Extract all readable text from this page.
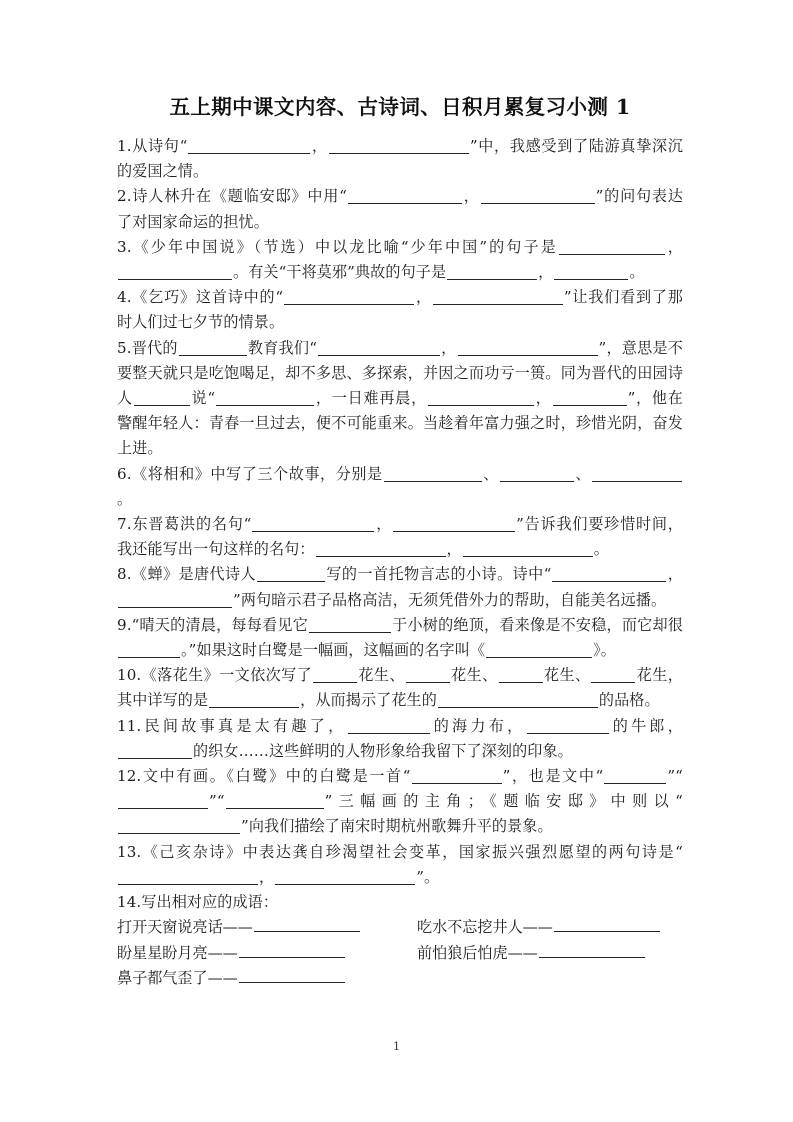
五上期中课文内容、古诗词、日积月累复习小测 1

1.从诗句“	，	”中，我感受到了陆游真挚深沉的爱国之情。

2.诗人林升在《题临安邸》中用“	，	”的问句表达了对国家命运的担忧。

3.《少年中国说》（节选）中以龙比喻“少年中国”的句子是	，。有关“干将莫邪”典故的句子是	，	。

4.《乞巧》这首诗中的“	，	”让我们看到了那时人们过七夕节的情景。

5.晋代的	教育我们“	，	”，意思是不要整天就只是吃饱喝足，却不多思、多探索，并因之而功亏一篑。同为晋代的田园诗人	说“	，一日难再晨，	，	”，他在警醒年轻人：青春一旦过去，便不可能重来。当趁着年富力强之时，珍惜光阴，奋发上进。

6.《将相和》中写了三个故事，分别是	、	、。

7.东晋葛洪的名句“	，	”告诉我们要珍惜时间，我还能写出一句这样的名句：	，	。

8.《蝉》是唐代诗人	写的一首托物言志的小诗。诗中“	，”两句暗示君子品格高洁，无须凭借外力的帮助，自能美名远播。

9.“晴天的清晨，每每看见它	于小树的绝顶，看来像是不安稳，而它却很。”如果这时白鹭是一幅画，这幅画的名字叫《	》。

10.《落花生》一文依次写了	花生、	花生、	花生、	花生，其中详写的是	，从而揭示了花生的	的品格。

11.民间故事真是太有趣了，	的海力布，	的牛郎，的织女……这些鲜明的人物形象给我留下了深刻的印象。

12.文中有画。《白鹭》中的白鹭是一首“	”，也是文中“	”“”“	”三幅画的主角；《题临安邸》中则以“”向我们描绘了南宋时期杭州歌舞升平的景象。

13.《己亥杂诗》中表达龚自珍渴望社会变革，国家振兴强烈愿望的两句诗是“，	”。

14.写出相对应的成语：

打开天窗说亮话 ——	吃水不忘挖井人 ——
盼星星盼月亮 ——	前怕狼后怕虎 ——
鼻子都气歪了 ——
1
